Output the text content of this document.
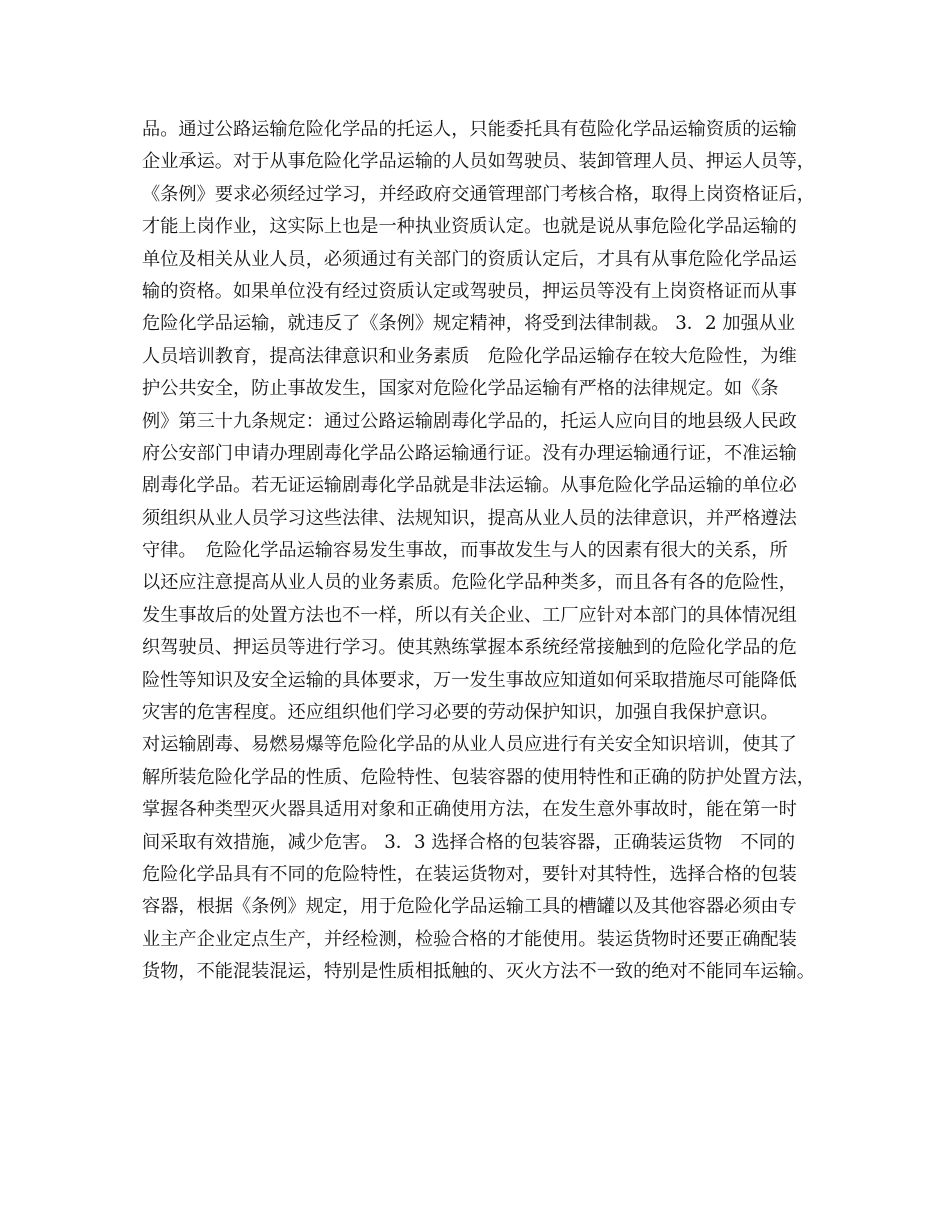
品。通过公路运输危险化学品的托运人，只能委托具有苞险化学品运输资质的运输
企业承运。对于从事危险化学品运输的人员如驾驶员、装卸管理人员、押运人员等，
《条例》要求必须经过学习，并经政府交通管理部门考核合格，取得上岗资格证后，
才能上岗作业，这实际上也是一种执业资质认定。也就是说从事危险化学品运输的
单位及相关从业人员，必须通过有关部门的资质认定后，才具有从事危险化学品运
输的资格。如果单位没有经过资质认定或驾驶员，押运员等没有上岗资格证而从事
危险化学品运输，就违反了《条例》规定精神，将受到法律制裁。 3．2 加强从业
人员培训教育，提高法律意识和业务素质　危险化学品运输存在较大危险性，为维
护公共安全，防止事故发生，国家对危险化学品运输有严格的法律规定。如《条
例》第三十九条规定：通过公路运输剧毒化学品的，托运人应向目的地县级人民政
府公安部门申请办理剧毒化学品公路运输通行证。没有办理运输通行证，不准运输
剧毒化学品。若无证运输剧毒化学品就是非法运输。从事危险化学品运输的单位必
须组织从业人员学习这些法律、法规知识，提高从业人员的法律意识，并严格遵法
守律。　危险化学品运输容易发生事故，而事故发生与人的因素有很大的关系，所
以还应注意提高从业人员的业务素质。危险化学品种类多，而且各有各的危险性，
发生事故后的处置方法也不一样，所以有关企业、工厂应针对本部门的具体情况组
织驾驶员、押运员等进行学习。使其熟练掌握本系统经常接触到的危险化学品的危
险性等知识及安全运输的具体要求，万一发生事故应知道如何采取措施尽可能降低
灾害的危害程度。还应组织他们学习必要的劳动保护知识，加强自我保护意识。
对运输剧毒、易燃易爆等危险化学品的从业人员应进行有关安全知识培训，使其了
解所装危险化学品的性质、危险特性、包装容器的使用特性和正确的防护处置方法，
掌握各种类型灭火器具适用对象和正确使用方法，在发生意外事故时，能在第一时
间采取有效措施，减少危害。 3．3 选择合格的包装容器，正确装运货物　不同的
危险化学品具有不同的危险特性，在装运货物对，要针对其特性，选择合格的包装
容器，根据《条例》规定，用于危险化学品运输工具的槽罐以及其他容器必须由专
业主产企业定点生产，并经检测，检验合格的才能使用。装运货物时还要正确配装
货物，不能混装混运，特别是性质相抵触的、灭火方法不一致的绝对不能同车运输。
